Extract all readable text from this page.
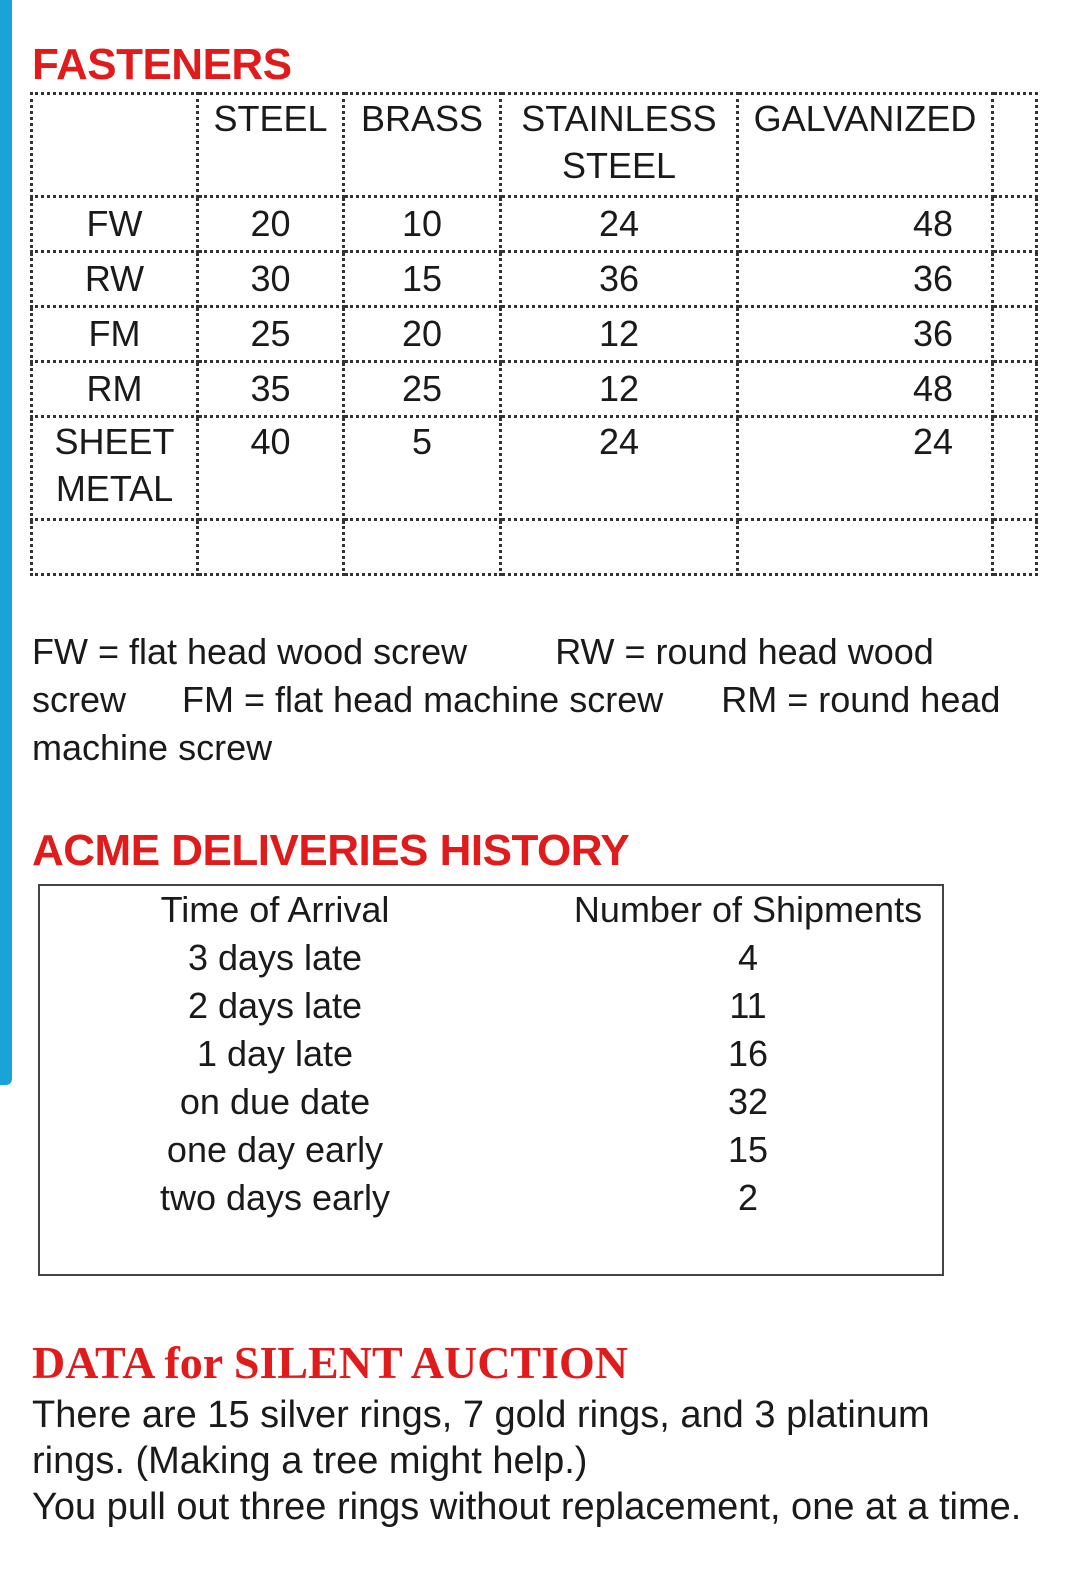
FASTENERS
	STEEL	BRASS	STAINLESS STEEL	GALVANIZED	
FW	20	10	24	48	
RW	30	15	36	36	
FM	25	20	12	36	
RM	35	25	12	48	
SHEET METAL	40	5	24	24	

FW = flat head wood screw RW = round head wood screw FM = flat head machine screw RM = round head machine screw

ACME DELIVERIES HISTORY
Time of Arrival	Number of Shipments
3 days late	4
2 days late	11
1 day late	16
on due date	32
one day early	15
two days early	2
DATA for SILENT AUCTION

There are 15 silver rings, 7 gold rings, and 3 platinum rings. (Making a tree might help.)

You pull out three rings without replacement, one at a time.
